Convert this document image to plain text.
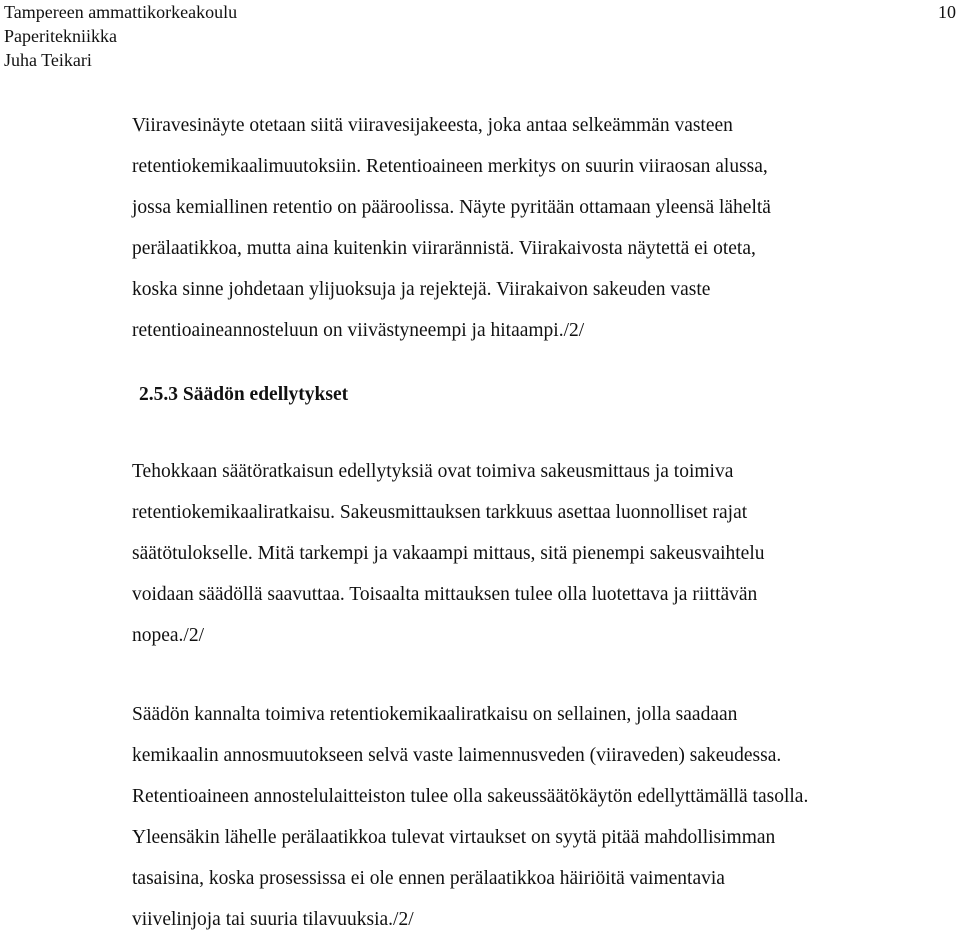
Tampereen ammattikorkeakoulu
Paperitekniikka
Juha Teikari
10

Viiravesinäyte otetaan siitä viiravesijakeesta, joka antaa selkeämmän vasteen
retentiokemikaalimuutoksiin. Retentioaineen merkitys on suurin viiraosan alussa,
jossa kemiallinen retentio on pääroolissa. Näyte pyritään ottamaan yleensä läheltä
perälaatikkoa, mutta aina kuitenkin viirarännistä. Viirakaivosta näytettä ei oteta,
koska sinne johdetaan ylijuoksuja ja rejektejä. Viirakaivon sakeuden vaste
retentioaineannosteluun on viivästyneempi ja hitaampi./2/

2.5.3 Säädön edellytykset

Tehokkaan säätöratkaisun edellytyksiä ovat toimiva sakeusmittaus ja toimiva
retentiokemikaaliratkaisu. Sakeusmittauksen tarkkuus asettaa luonnolliset rajat
säätötulokselle. Mitä tarkempi ja vakaampi mittaus, sitä pienempi sakeusvaihtelu
voidaan säädöllä saavuttaa. Toisaalta mittauksen tulee olla luotettava ja riittävän
nopea./2/

Säädön kannalta toimiva retentiokemikaaliratkaisu on sellainen, jolla saadaan
kemikaalin annosmuutokseen selvä vaste laimennusveden (viiraveden) sakeudessa.
Retentioaineen annostelulaitteiston tulee olla sakeussäätökäytön edellyttämällä tasolla.
Yleensäkin lähelle perälaatikkoa tulevat virtaukset on syytä pitää mahdollisimman
tasaisina, koska prosessissa ei ole ennen perälaatikkoa häiriöitä vaimentavia
viivelinjoja tai suuria tilavuuksia./2/
